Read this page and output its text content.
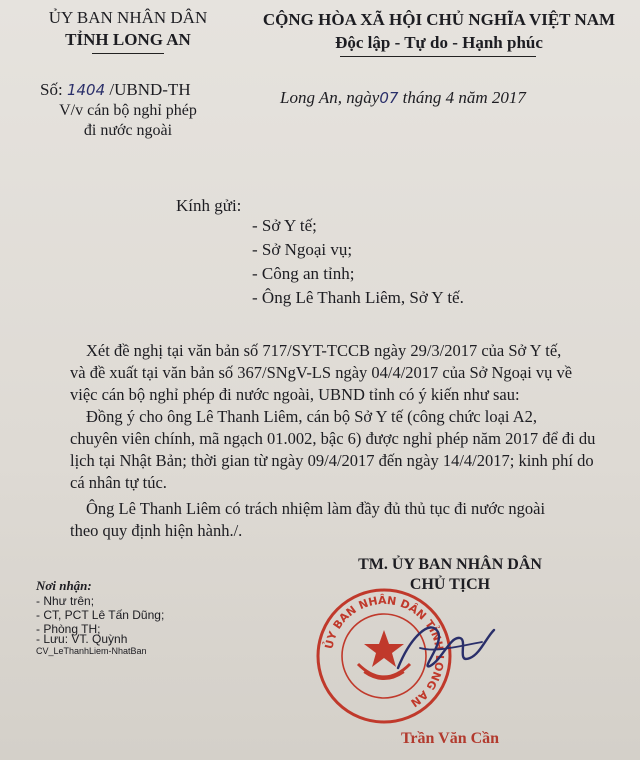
ỦY BAN NHÂN DÂN
TỈNH LONG AN
Số: 1404 /UBND-TH
V/v cán bộ nghỉ phép
đi nước ngoài
CỘNG HÒA XÃ HỘI CHỦ NGHĨA VIỆT NAM
Độc lập - Tự do - Hạnh phúc
Long An, ngày07 tháng 4 năm 2017
Kính gửi:
- Sở Y tế;
- Sở Ngoại vụ;
- Công an tỉnh;
- Ông Lê Thanh Liêm, Sở Y tế.
Xét đề nghị tại văn bản số 717/SYT-TCCB ngày 29/3/2017 của Sở Y tế,
và đề xuất tại văn bản số 367/SNgV-LS ngày 04/4/2017 của Sở Ngoại vụ về
việc cán bộ nghỉ phép đi nước ngoài, UBND tỉnh có ý kiến như sau:
Đồng ý cho ông Lê Thanh Liêm, cán bộ Sở Y tế (công chức loại A2,
chuyên viên chính, mã ngạch 01.002, bậc 6) được nghỉ phép năm 2017 để đi du
lịch tại Nhật Bản; thời gian từ ngày 09/4/2017 đến ngày 14/4/2017; kinh phí do
cá nhân tự túc.
Ông Lê Thanh Liêm có trách nhiệm làm đầy đủ thủ tục đi nước ngoài
theo quy định hiện hành./.
Nơi nhận:
- Như trên;
- CT, PCT Lê Tấn Dũng;
- Phòng TH;
- Lưu: VT. Quỳnh
CV_LeThanhLiem-NhatBan
TM. ỦY BAN NHÂN DÂN
CHỦ TỊCH
ỦY BAN NHÂN DÂN TỈNH LONG AN
Trần Văn Cần
